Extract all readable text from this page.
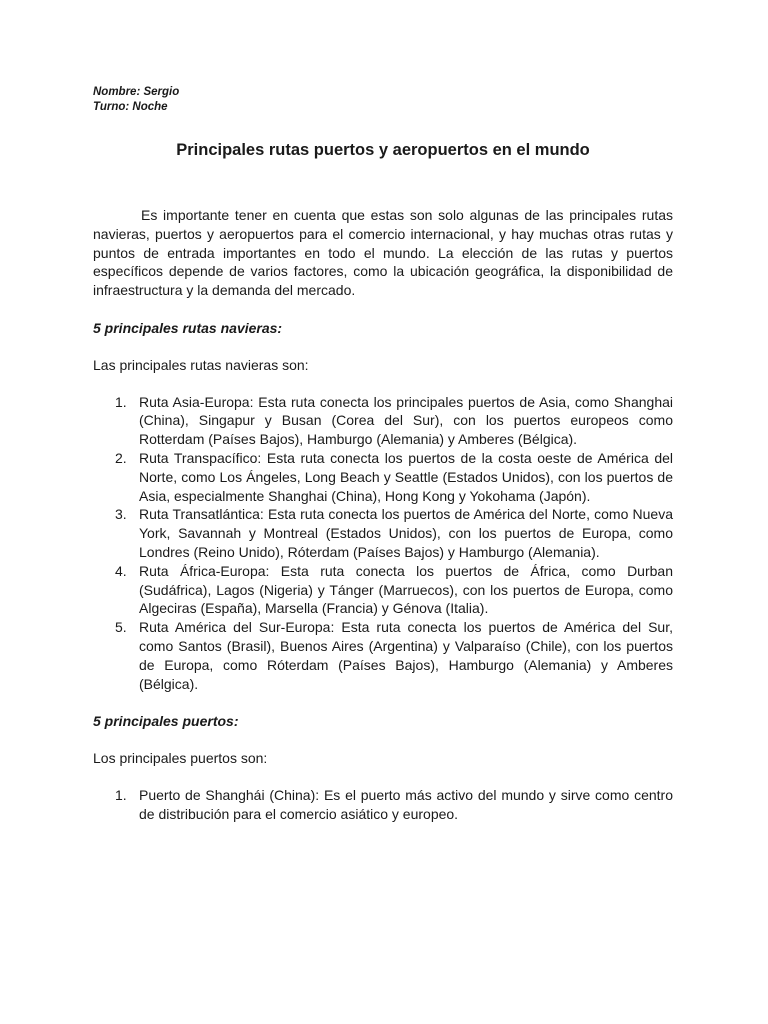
Nombre: Sergio

Turno: Noche

Principales rutas puertos y aeropuertos en el mundo

Es importante tener en cuenta que estas son solo algunas de las principales rutas navieras, puertos y aeropuertos para el comercio internacional, y hay muchas otras rutas y puntos de entrada importantes en todo el mundo. La elección de las rutas y puertos específicos depende de varios factores, como la ubicación geográfica, la disponibilidad de infraestructura y la demanda del mercado.

5 principales rutas navieras:

Las principales rutas navieras son:

1. Ruta Asia-Europa: Esta ruta conecta los principales puertos de Asia, como Shanghai (China), Singapur y Busan (Corea del Sur), con los puertos europeos como Rotterdam (Países Bajos), Hamburgo (Alemania) y Amberes (Bélgica).
2. Ruta Transpacífico: Esta ruta conecta los puertos de la costa oeste de América del Norte, como Los Ángeles, Long Beach y Seattle (Estados Unidos), con los puertos de Asia, especialmente Shanghai (China), Hong Kong y Yokohama (Japón).
3. Ruta Transatlántica: Esta ruta conecta los puertos de América del Norte, como Nueva York, Savannah y Montreal (Estados Unidos), con los puertos de Europa, como Londres (Reino Unido), Róterdam (Países Bajos) y Hamburgo (Alemania).
4. Ruta África-Europa: Esta ruta conecta los puertos de África, como Durban (Sudáfrica), Lagos (Nigeria) y Tánger (Marruecos), con los puertos de Europa, como Algeciras (España), Marsella (Francia) y Génova (Italia).
5. Ruta América del Sur-Europa: Esta ruta conecta los puertos de América del Sur, como Santos (Brasil), Buenos Aires (Argentina) y Valparaíso (Chile), con los puertos de Europa, como Róterdam (Países Bajos), Hamburgo (Alemania) y Amberes (Bélgica).

5 principales puertos:

Los principales puertos son:

1. Puerto de Shanghái (China): Es el puerto más activo del mundo y sirve como centro de distribución para el comercio asiático y europeo.
